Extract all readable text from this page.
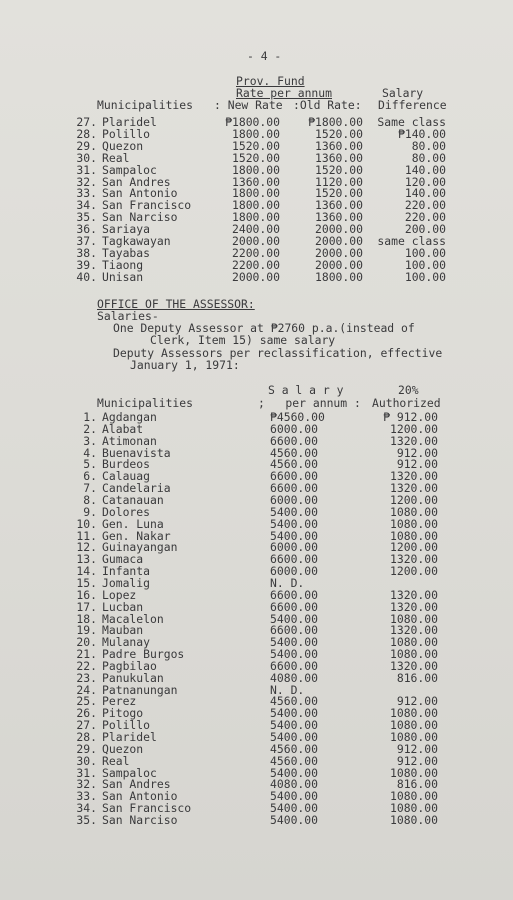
- 4 -
Prov. Fund
Rate per annum	Salary
Municipalities : New Rate :Old Rate: Difference
27. Plaridel	₱1800.00	₱1800.00	Same class
28. Polillo	1800.00	1520.00	₱140.00
29. Quezon	1520.00	1360.00	80.00
30. Real	1520.00	1360.00	80.00
31. Sampaloc	1800.00	1520.00	140.00
32. San Andres	1360.00	1120.00	120.00
33. San Antonio	1800.00	1520.00	140.00
34. San Francisco	1800.00	1360.00	220.00
35. San Narciso	1800.00	1360.00	220.00
36. Sariaya	2400.00	2000.00	200.00
37. Tagkawayan	2000.00	2000.00	same class
38. Tayabas	2200.00	2000.00	100.00
39. Tiaong	2200.00	2000.00	100.00
40. Unisan	2000.00	1800.00	100.00
OFFICE OF THE ASSESSOR:
Salaries-
One Deputy Assessor at ₱2760 p.a.(instead of
Clerk, Item 15) same salary
Deputy Assessors per reclassification, effective
January 1, 1971:
S a l a r y	20%
Municipalities	;   per annum : Authorized
1. Agdangan	₱4560.00	₱ 912.00
2. Alabat	6000.00	1200.00
3. Atimonan	6600.00	1320.00
4. Buenavista	4560.00	912.00
5. Burdeos	4560.00	912.00
6. Calauag	6600.00	1320.00
7. Candelaria	6600.00	1320.00
8. Catanauan	6000.00	1200.00
9. Dolores	5400.00	1080.00
10. Gen. Luna	5400.00	1080.00
11. Gen. Nakar	5400.00	1080.00
12. Guinayangan	6000.00	1200.00
13. Gumaca	6600.00	1320.00
14. Infanta	6000.00	1200.00
15. Jomalig	N. D.
16. Lopez	6600.00	1320.00
17. Lucban	6600.00	1320.00
18. Macalelon	5400.00	1080.00
19. Mauban	6600.00	1320.00
20. Mulanay	5400.00	1080.00
21. Padre Burgos	5400.00	1080.00
22. Pagbilao	6600.00	1320.00
23. Panukulan	4080.00	816.00
24. Patnanungan	N. D.
25. Perez	4560.00	912.00
26. Pitogo	5400.00	1080.00
27. Polillo	5400.00	1080.00
28. Plaridel	5400.00	1080.00
29. Quezon	4560.00	912.00
30. Real	4560.00	912.00
31. Sampaloc	5400.00	1080.00
32. San Andres	4080.00	816.00
33. San Antonio	5400.00	1080.00
34. San Francisco	5400.00	1080.00
35. San Narciso	5400.00	1080.00
